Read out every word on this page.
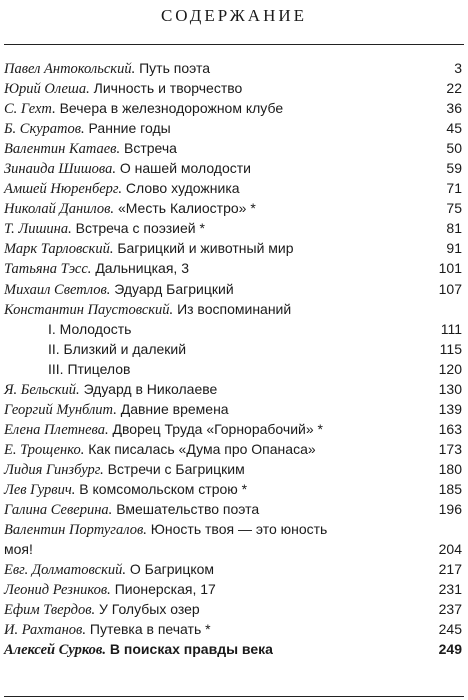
СОДЕРЖАНИЕ
Павел Антокольский. Путь поэта	3
Юрий Олеша. Личность и творчество	22
С. Гехт. Вечера в железнодорожном клубе	36
Б. Скуратов. Ранние годы	45
Валентин Катаев. Встреча	50
Зинаида Шишова. О нашей молодости	59
Амшей Нюренберг. Слово художника	71
Николай Данилов. «Месть Калиостро» *	75
Т. Лишина. Встреча с поэзией *	81
Марк Тарловский. Багрицкий и животный мир	91
Татьяна Тэсс. Дальницкая, 3	101
Михаил Светлов. Эдуард Багрицкий	107
Константин Паустовский. Из воспоминаний
I. Молодость	111
II. Близкий и далекий	115
III. Птицелов	120
Я. Бельский. Эдуард в Николаеве	130
Георгий Мунблит. Давние времена	139
Елена Плетнева. Дворец Труда «Горнорабочий» *	163
Е. Трощенко. Как писалась «Дума про Опанаса»	173
Лидия Гинзбург. Встречи с Багрицким	180
Лев Гурвич. В комсомольском строю *	185
Галина Северина. Вмешательство поэта	196
Валентин Португалов. Юность твоя — это юность
моя!	204
Евг. Долматовский. О Багрицком	217
Леонид Резников. Пионерская, 17	231
Ефим Твердов. У Голубых озер	237
И. Рахтанов. Путевка в печать *	245
Алексей Сурков. В поисках правды века	249
